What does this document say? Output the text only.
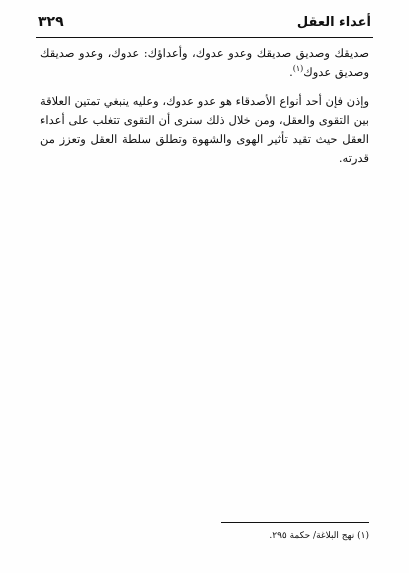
أعداء العقل
٣٢٩

صديقك وصديق صديقك وعدو عدوك، وأعداؤك: عدوك، وعدو صديقك وصديق عدوك$^{(١)}$.

وإذن فإن أحد أنواع الأصدقاء هو عدو عدوك، وعليه ينبغي تمتين العلاقة بين التقوى والعقل، ومن خلال ذلك سنرى أن التقوى تتغلب على أعداء العقل حيث تقيد تأثير الهوى والشهوة وتطلق سلطة العقل وتعزز من قدرته.

(١) نهج البلاغة/ حكمة ٢٩٥.
